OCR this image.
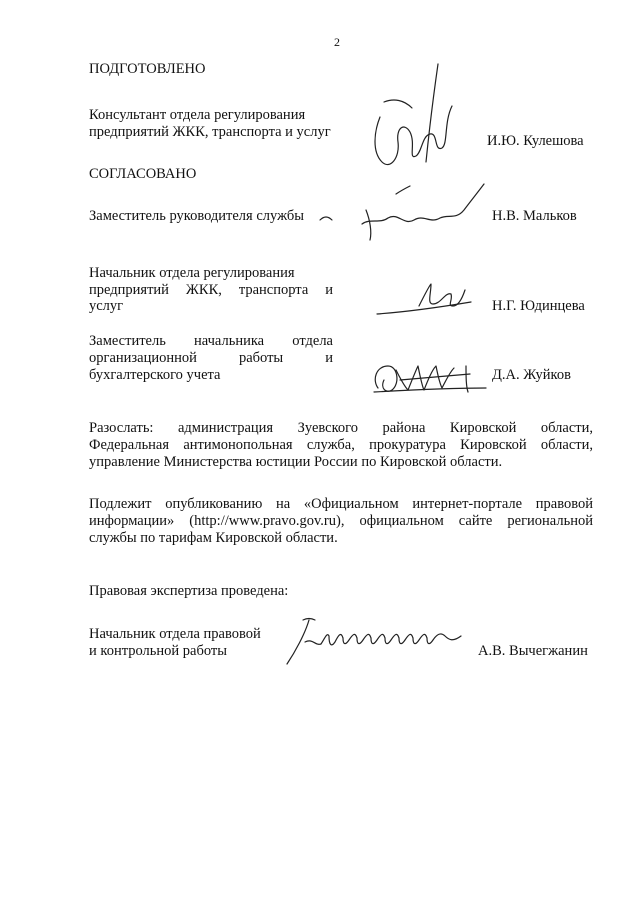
2
ПОДГОТОВЛЕНО
Консультант отдела регулирования
предприятий ЖКК, транспорта и услуг
И.Ю. Кулешова
СОГЛАСОВАНО
Заместитель руководителя службы	Н.В. Мальков
Начальник отдела регулирования
предприятий ЖКК, транспорта и
услуг	Н.Г. Юдинцева
Заместитель начальника отдела
организационной работы и
бухгалтерского учета	Д.А. Жуйков
Разослать: администрация Зуевского района Кировской области,
Федеральная антимонопольная служба, прокуратура Кировской области,
управление Министерства юстиции России по Кировской области.
Подлежит опубликованию на «Официальном интернет-портале правовой
информации» (http://www.pravo.gov.ru), официальном сайте региональной
службы по тарифам Кировской области.
Правовая экспертиза проведена:
Начальник отдела правовой
и контрольной работы	А.В. Вычегжанин
